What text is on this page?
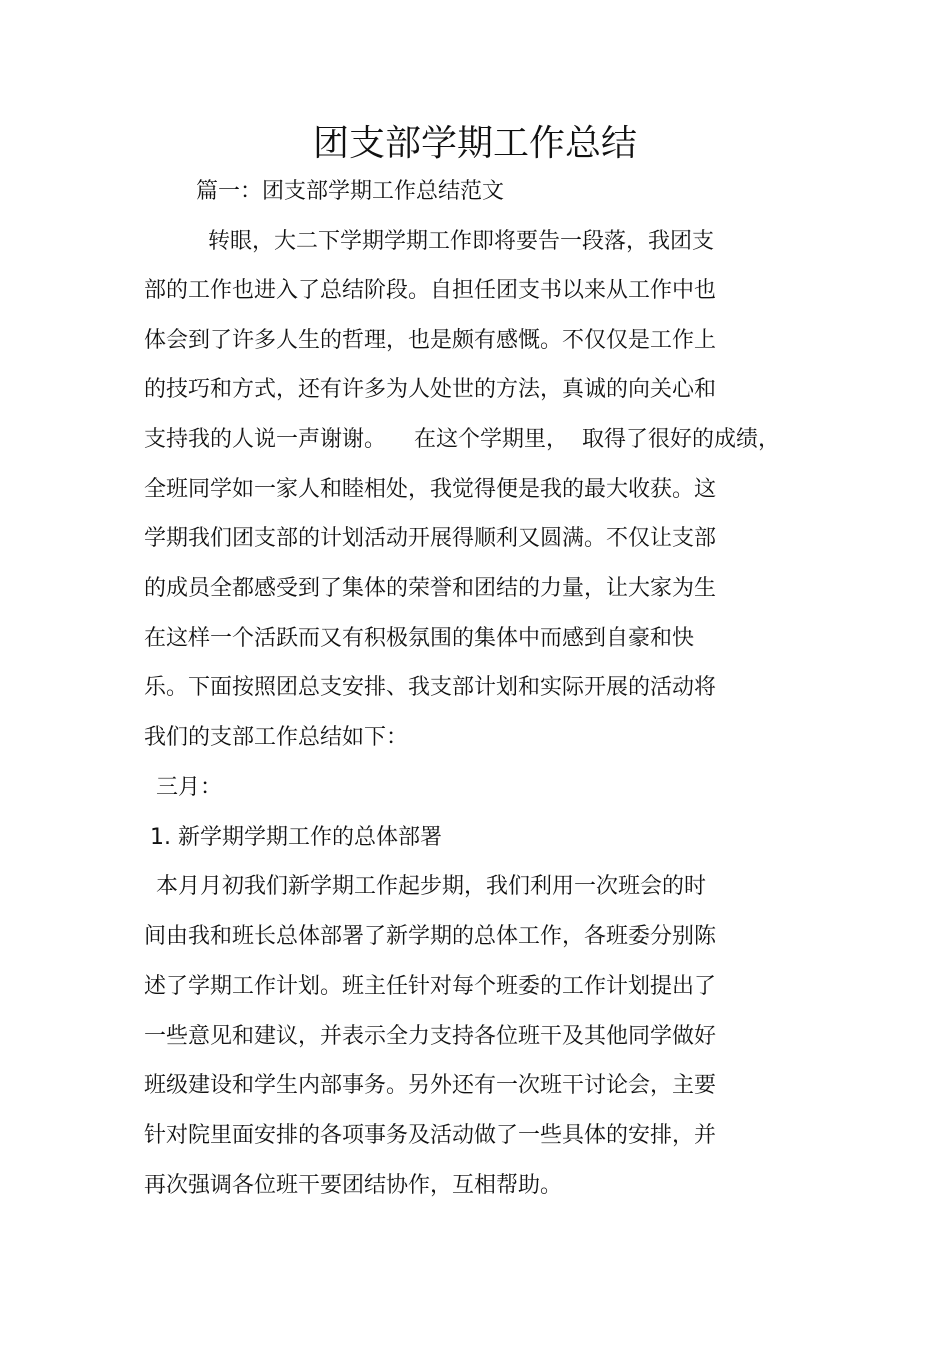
团支部学期工作总结
篇一：团支部学期工作总结范文
转眼，大二下学期学期工作即将要告一段落，我团支
部的工作也进入了总结阶段。自担任团支书以来从工作中也
体会到了许多人生的哲理，也是颇有感慨。不仅仅是工作上
的技巧和方式，还有许多为人处世的方法，真诚的向关心和
支持我的人说一声谢谢。    在这个学期里，  取得了很好的成绩，
全班同学如一家人和睦相处，我觉得便是我的最大收获。这
学期我们团支部的计划活动开展得顺利又圆满。不仅让支部
的成员全都感受到了集体的荣誉和团结的力量，让大家为生
在这样一个活跃而又有积极氛围的集体中而感到自豪和快
乐。下面按照团总支安排、我支部计划和实际开展的活动将
我们的支部工作总结如下：
三月：
1. 新学期学期工作的总体部署
本月月初我们新学期工作起步期，我们利用一次班会的时
间由我和班长总体部署了新学期的总体工作，各班委分别陈
述了学期工作计划。班主任针对每个班委的工作计划提出了
一些意见和建议，并表示全力支持各位班干及其他同学做好
班级建设和学生内部事务。另外还有一次班干讨论会，主要
针对院里面安排的各项事务及活动做了一些具体的安排，并
再次强调各位班干要团结协作，互相帮助。
